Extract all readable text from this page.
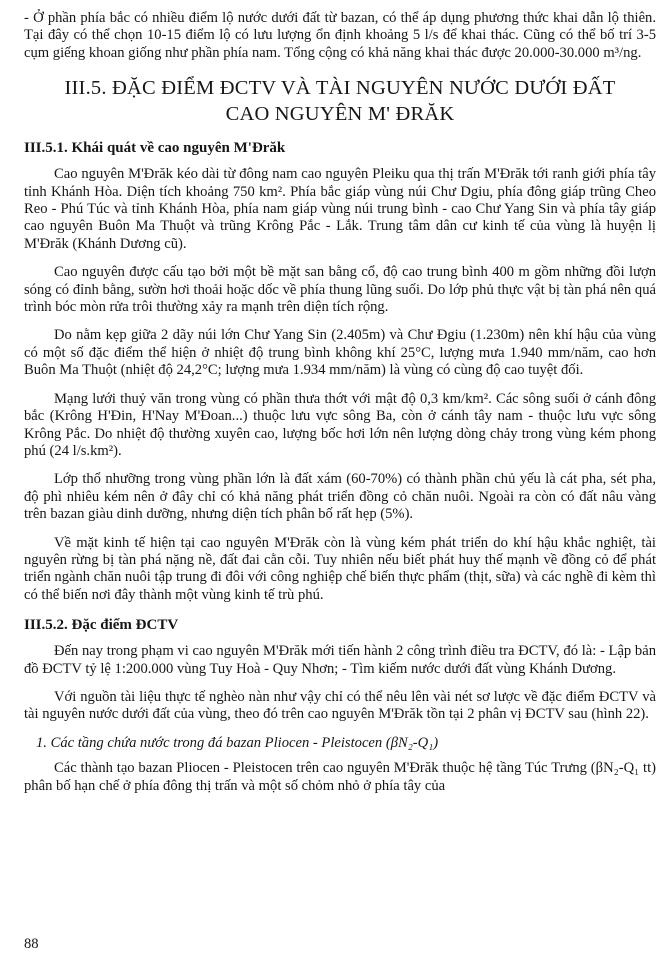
- Ở phần phía bắc có nhiều điểm lộ nước dưới đất từ bazan, có thể áp dụng phương thức khai dẫn lộ thiên. Tại đây có thể chọn 10-15 điểm lộ có lưu lượng ổn định khoảng 5 l/s để khai thác. Cũng có thể bố trí 3-5 cụm giếng khoan giống như phần phía nam. Tổng cộng có khả năng khai thác được 20.000-30.000 m³/ng.

III.5. ĐẶC ĐIỂM ĐCTV VÀ TÀI NGUYÊN NƯỚC DƯỚI ĐẤT
CAO NGUYÊN M' ĐRĂK
III.5.1. Khái quát về cao nguyên M'Đrăk

Cao nguyên M'Đrăk kéo dài từ đông nam cao nguyên Pleiku qua thị trấn M'Đrăk tới ranh giới phía tây tỉnh Khánh Hòa. Diện tích khoảng 750 km². Phía bắc giáp vùng núi Chư Dgiu, phía đông giáp trũng Cheo Reo - Phú Túc và tỉnh Khánh Hòa, phía nam giáp vùng núi trung bình - cao Chư Yang Sin và phía tây giáp cao nguyên Buôn Ma Thuột và trũng Krông Pắc - Lắk. Trung tâm dân cư kinh tế của vùng là huyện lị M'Đrăk (Khánh Dương cũ).

Cao nguyên được cấu tạo bởi một bề mặt san bằng cổ, độ cao trung bình 400 m gồm những đồi lượn sóng có đỉnh bằng, sườn hơi thoải hoặc dốc về phía thung lũng suối. Do lớp phủ thực vật bị tàn phá nên quá trình bóc mòn rửa trôi thường xảy ra mạnh trên diện tích rộng.

Do nằm kẹp giữa 2 dãy núi lớn Chư Yang Sin (2.405m) và Chư Đgiu (1.230m) nên khí hậu của vùng có một số đặc điểm thể hiện ở nhiệt độ trung bình không khí 25°C, lượng mưa 1.940 mm/năm, cao hơn Buôn Ma Thuột (nhiệt độ 24,2°C; lượng mưa 1.934 mm/năm) là vùng có cùng độ cao tuyệt đối.

Mạng lưới thuỷ văn trong vùng có phần thưa thớt với mật độ 0,3 km/km². Các sông suối ở cánh đông bắc (Krông H'Đin, H'Nay M'Đoan...) thuộc lưu vực sông Ba, còn ở cánh tây nam - thuộc lưu vực sông Krông Pắc. Do nhiệt độ thường xuyên cao, lượng bốc hơi lớn nên lượng dòng chảy trong vùng kém phong phú (24 l/s.km²).

Lớp thổ nhưỡng trong vùng phần lớn là đất xám (60-70%) có thành phần chủ yếu là cát pha, sét pha, độ phì nhiêu kém nên ở đây chỉ có khả năng phát triển đồng cỏ chăn nuôi. Ngoài ra còn có đất nâu vàng trên bazan giàu dinh dưỡng, nhưng diện tích phân bố rất hẹp (5%).

Về mặt kinh tế hiện tại cao nguyên M'Đrăk còn là vùng kém phát triển do khí hậu khắc nghiệt, tài nguyên rừng bị tàn phá nặng nề, đất đai cằn cỗi. Tuy nhiên nếu biết phát huy thế mạnh về đồng cỏ để phát triển ngành chăn nuôi tập trung đi đôi với công nghiệp chế biến thực phẩm (thịt, sữa) và các nghề đi kèm thì có thể biến nơi đây thành một vùng kinh tế trù phú.

III.5.2. Đặc điểm ĐCTV

Đến nay trong phạm vi cao nguyên M'Đrăk mới tiến hành 2 công trình điều tra ĐCTV, đó là: - Lập bản đồ ĐCTV tỷ lệ 1:200.000 vùng Tuy Hoà - Quy Nhơn; - Tìm kiếm nước dưới đất vùng Khánh Dương.

Với nguồn tài liệu thực tế nghèo nàn như vậy chỉ có thể nêu lên vài nét sơ lược về đặc điểm ĐCTV và tài nguyên nước dưới đất của vùng, theo đó trên cao nguyên M'Đrăk tồn tại 2 phân vị ĐCTV sau (hình 22).

1. Các tầng chứa nước trong đá bazan Pliocen - Pleistocen (βN₂-Q₁)

Các thành tạo bazan Pliocen - Pleistocen trên cao nguyên M'Đrăk thuộc hệ tầng Túc Trưng (βN₂-Q₁ tt) phân bố hạn chế ở phía đông thị trấn và một số chỏm nhỏ ở phía tây của

88
